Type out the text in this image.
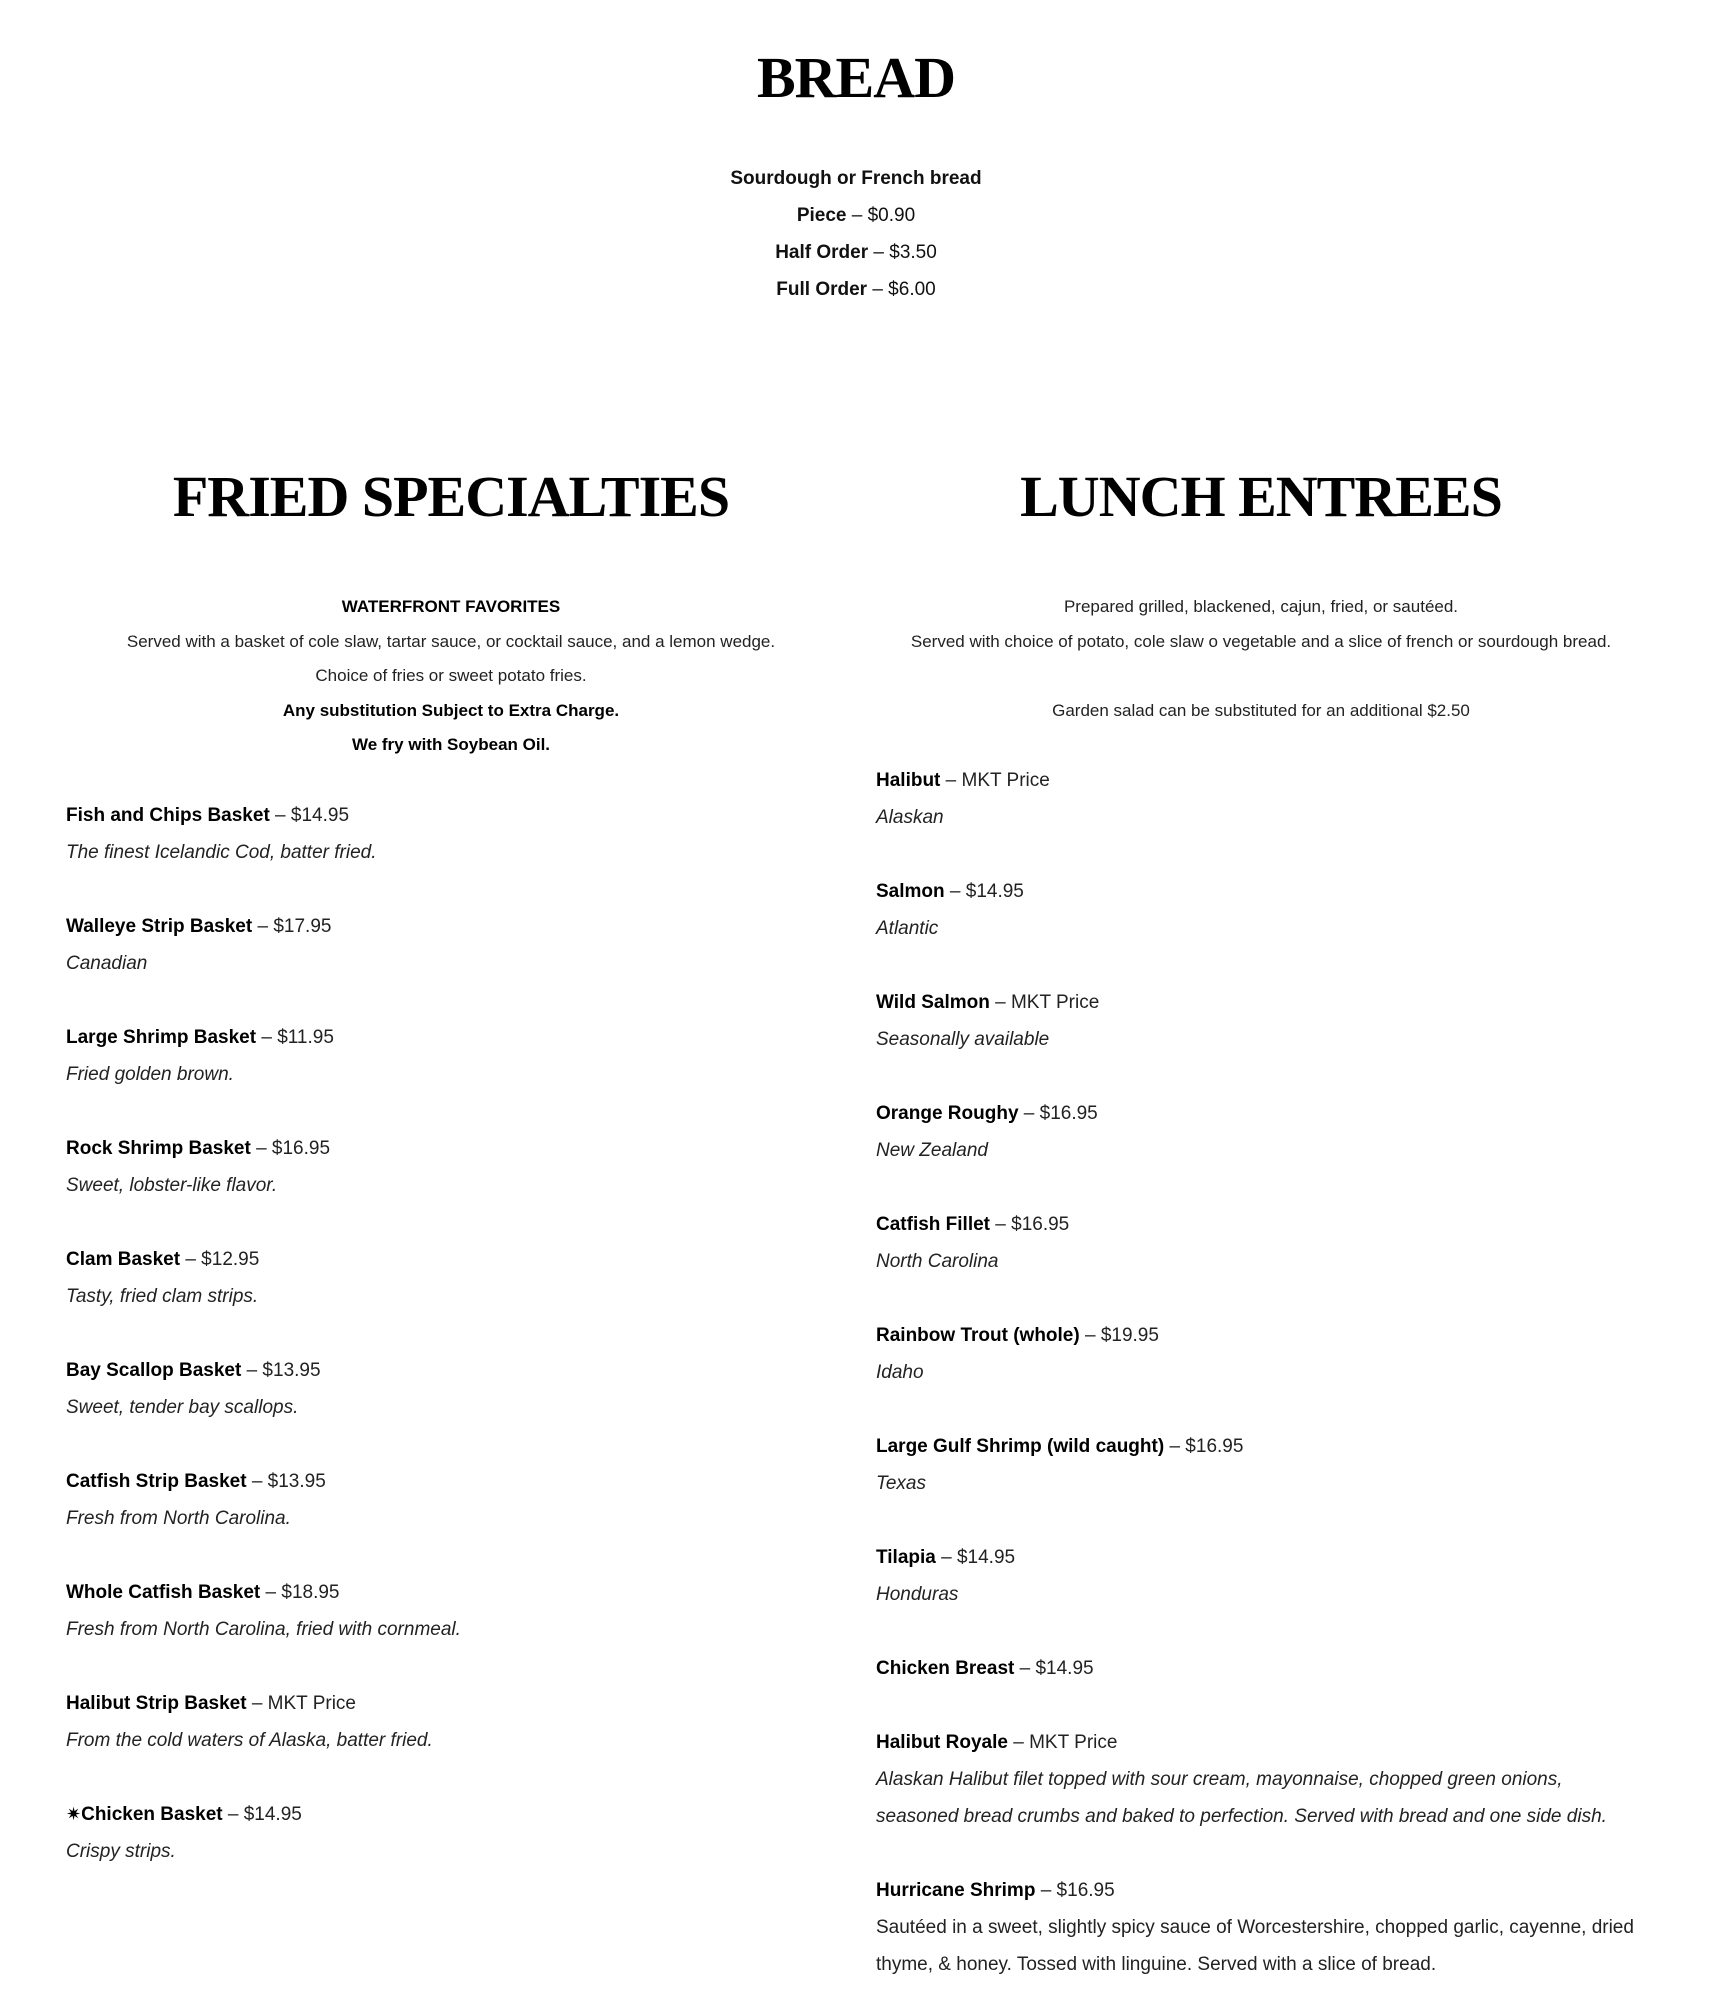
BREAD
Sourdough or French bread
Piece – $0.90
Half Order – $3.50
Full Order – $6.00
FRIED SPECIALTIES
WATERFRONT FAVORITES
Served with a basket of cole slaw, tartar sauce, or cocktail sauce, and a lemon wedge.
Choice of fries or sweet potato fries.
Any substitution Subject to Extra Charge.
We fry with Soybean Oil.
Fish and Chips Basket – $14.95
The finest Icelandic Cod, batter fried.
Walleye Strip Basket – $17.95
Canadian
Large Shrimp Basket – $11.95
Fried golden brown.
Rock Shrimp Basket – $16.95
Sweet, lobster-like flavor.
Clam Basket – $12.95
Tasty, fried clam strips.
Bay Scallop Basket – $13.95
Sweet, tender bay scallops.
Catfish Strip Basket – $13.95
Fresh from North Carolina.
Whole Catfish Basket – $18.95
Fresh from North Carolina, fried with cornmeal.
Halibut Strip Basket – MKT Price
From the cold waters of Alaska, batter fried.
✷Chicken Basket – $14.95
Crispy strips.
LUNCH ENTREES
Prepared grilled, blackened, cajun, fried, or sautéed.
Served with choice of potato, cole slaw o vegetable and a slice of french or sourdough bread.
Garden salad can be substituted for an additional $2.50
Halibut – MKT Price
Alaskan
Salmon – $14.95
Atlantic
Wild Salmon – MKT Price
Seasonally available
Orange Roughy – $16.95
New Zealand
Catfish Fillet – $16.95
North Carolina
Rainbow Trout (whole) – $19.95
Idaho
Large Gulf Shrimp (wild caught) – $16.95
Texas
Tilapia – $14.95
Honduras
Chicken Breast – $14.95
Halibut Royale – MKT Price
Alaskan Halibut filet topped with sour cream, mayonnaise, chopped green onions, seasoned bread crumbs and baked to perfection. Served with bread and one side dish.
Hurricane Shrimp – $16.95
Sautéed in a sweet, slightly spicy sauce of Worcestershire, chopped garlic, cayenne, dried thyme, & honey. Tossed with linguine. Served with a slice of bread.
